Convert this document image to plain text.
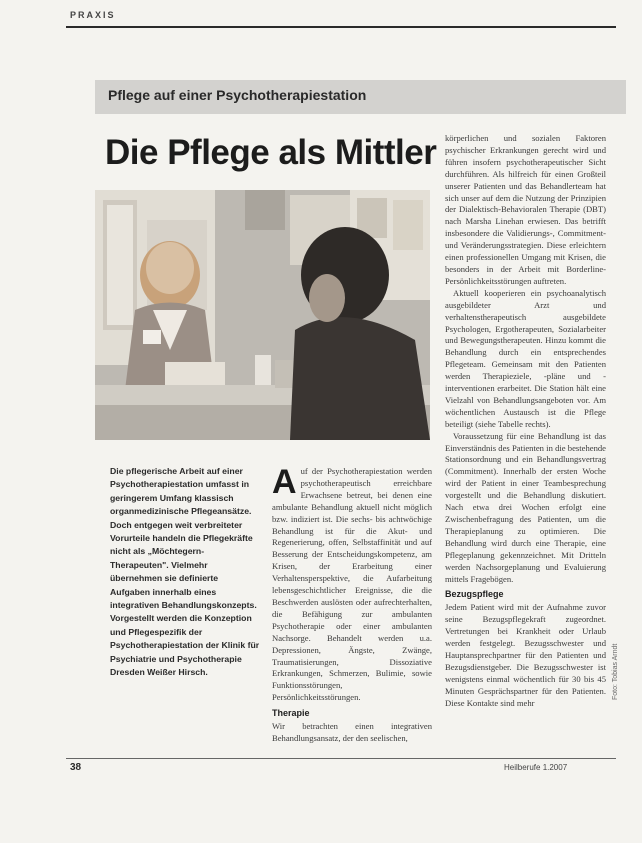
PRAXIS
Pflege auf einer Psychotherapiestation
Die Pflege als Mittler
Die pflegerische Arbeit auf einer Psychotherapiestation umfasst in geringerem Umfang klassisch organmedizinische Pflegeansätze. Doch entgegen weit verbreiteter Vorurteile handeln die Pflegekräfte nicht als „Möchtegern-Therapeuten". Vielmehr übernehmen sie definierte Aufgaben innerhalb eines integrativen Behandlungskonzepts. Vorgestellt werden die Konzeption und Pflegespezifik der Psychotherapiestation der Klinik für Psychiatrie und Psychotherapie Dresden Weißer Hirsch.

Auf der Psychotherapiestation werden psychotherapeutisch erreichbare Erwachsene betreut, bei denen eine ambulante Behandlung aktuell nicht möglich bzw. indiziert ist. Die sechs- bis achtwöchige Behandlung ist für die Akut- und Regenerierung, offen, Selbstaffinität und auf Besserung der Entscheidungskompetenz, am Krisen, der Erarbeitung einer Verhaltensperspektive, die Aufarbeitung lebensgeschichtlicher Ereignisse, die die Beschwerden auslösten oder aufrechterhalten, die Befähigung zur ambulanten Psychotherapie oder einer ambulanten Nachsorge. Behandelt werden u.a. Depressionen, Ängste, Zwänge, Traumatisierungen, Dissoziative Erkrankungen, Schmerzen, Bulimie, sowie Funktionsstörungen, Persönlichkeitsstörungen.

Therapie

Wir betrachten einen integrativen Behandlungsansatz, der den seelischen,

körperlichen und sozialen Faktoren psychischer Erkrankungen gerecht wird und führen insofern psychotherapeutischer Sicht durchführen. Als hilfreich für einen Großteil unserer Patienten und das Behandlerteam hat sich unser auf dem die Nutzung der Prinzipien der Dialektisch-Behavioralen Therapie (DBT) nach Marsha Linehan erwiesen. Das betrifft insbesondere die Validierungs-, Commitment- und Veränderungsstrategien. Diese erleichtern einen professionellen Umgang mit Krisen, die besonders in der Arbeit mit Borderline-Persönlichkeitsstörungen auftreten.

Aktuell kooperieren ein psychoanalytisch ausgebildeter Arzt und verhaltenstherapeutisch ausgebildete Psychologen, Ergotherapeuten, Sozialarbeiter und Bewegungstherapeuten. Hinzu kommt die Behandlung durch ein entsprechendes Pflegeteam. Gemeinsam mit den Patienten werden Therapieziele, -pläne und -interventionen erarbeitet. Die Station hält eine Vielzahl von Behandlungsangeboten vor. Am wöchentlichen Austausch ist die Pflege beteiligt (siehe Tabelle rechts).

Voraussetzung für eine Behandlung ist das Einverständnis des Patienten in die bestehende Stationsordnung und ein Behandlungsvertrag (Commitment). Innerhalb der ersten Woche wird der Patient in einer Teambesprechung vorgestellt und die Behandlung diskutiert. Nach etwa drei Wochen erfolgt eine Zwischenbefragung des Patienten, um die Therapieplanung zu optimieren. Die Behandlung wird durch eine Therapie, eine Pflegeplanung gekennzeichnet. Mit Dritteln werden Nachsorgeplanung und Evaluierung mittels Fragebögen.

Bezugspflege

Jedem Patient wird mit der Aufnahme zuvor seine Bezugspflegekraft zugeordnet. Vertretungen bei Krankheit oder Urlaub werden festgelegt. Bezugsschwester und Hauptansprechpartner für den Patienten und Bezugsdienstgeber. Die Bezugsschwester ist wenigstens einmal wöchentlich für 30 bis 45 Minuten Gesprächspartner für den Patienten. Diese Kontakte sind mehr

Foto: Tobias Arndt
38	Heilberufe 1.2007
